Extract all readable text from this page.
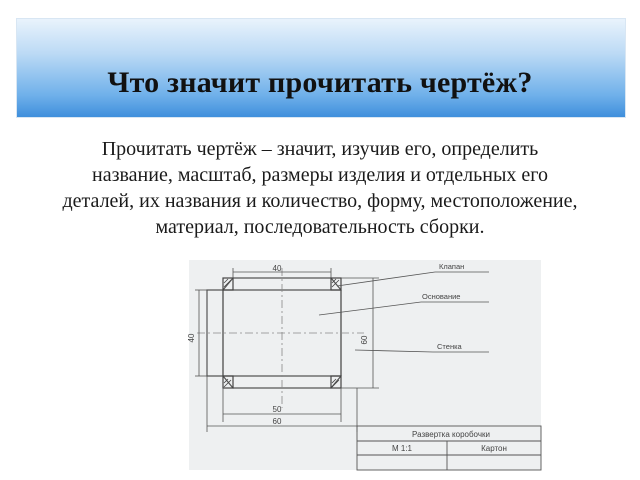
Что значит прочитать чертёж?
Прочитать чертёж – значит, изучив его, определить название, масштаб, размеры изделия и отдельных его деталей, их названия и количество, форму, местоположение, материал, последовательность сборки.
40
40	60
50
60
Клапан
Основание
Стенка
Развертка коробочки
М 1:1	Картон
